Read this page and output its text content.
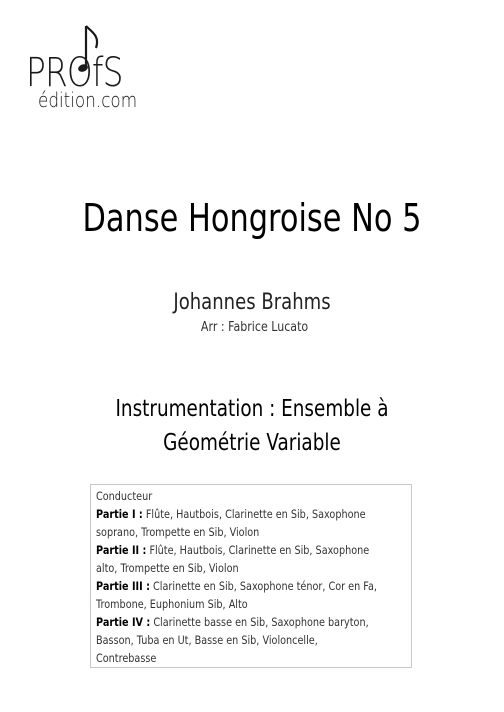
PROfS
édition.com
Danse Hongroise No 5
Johannes Brahms
Arr : Fabrice Lucato
Instrumentation : Ensemble à
Géométrie Variable
Conducteur
Partie I : Flûte, Hautbois, Clarinette en Sib, Saxophone
soprano, Trompette en Sib, Violon
Partie II : Flûte, Hautbois, Clarinette en Sib, Saxophone
alto, Trompette en Sib, Violon
Partie III : Clarinette en Sib, Saxophone ténor, Cor en Fa,
Trombone, Euphonium Sib, Alto
Partie IV : Clarinette basse en Sib, Saxophone baryton,
Basson, Tuba en Ut, Basse en Sib, Violoncelle,
Contrebasse
